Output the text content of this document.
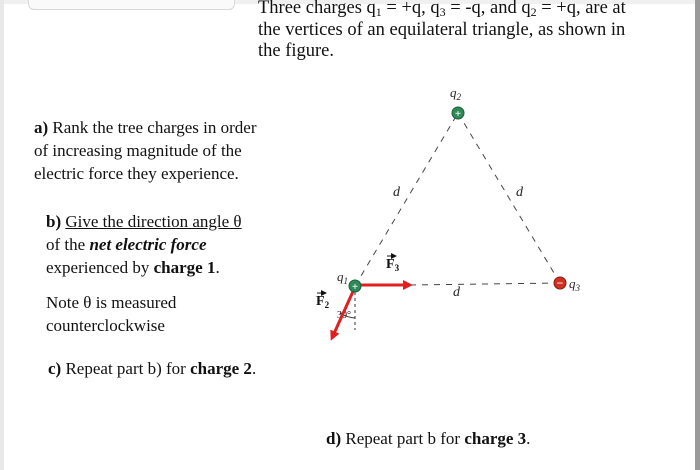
Three charges q1 = +q, q3 = -q, and q2 = +q, are at
the vertices of an equilateral triangle, as shown in
the figure.
a) Rank the tree charges in order
of increasing magnitude of the
electric force they experience.
b) Give the direction angle θ
of the net electric force
experienced by charge 1.
Note θ is measured
counterclockwise
c) Repeat part b) for charge 2.
d) Repeat part b for charge 3.
d	d
d
$q_2$
+
− $q_3$
30°
$F_3$
$F_2$
$q_1$ +
